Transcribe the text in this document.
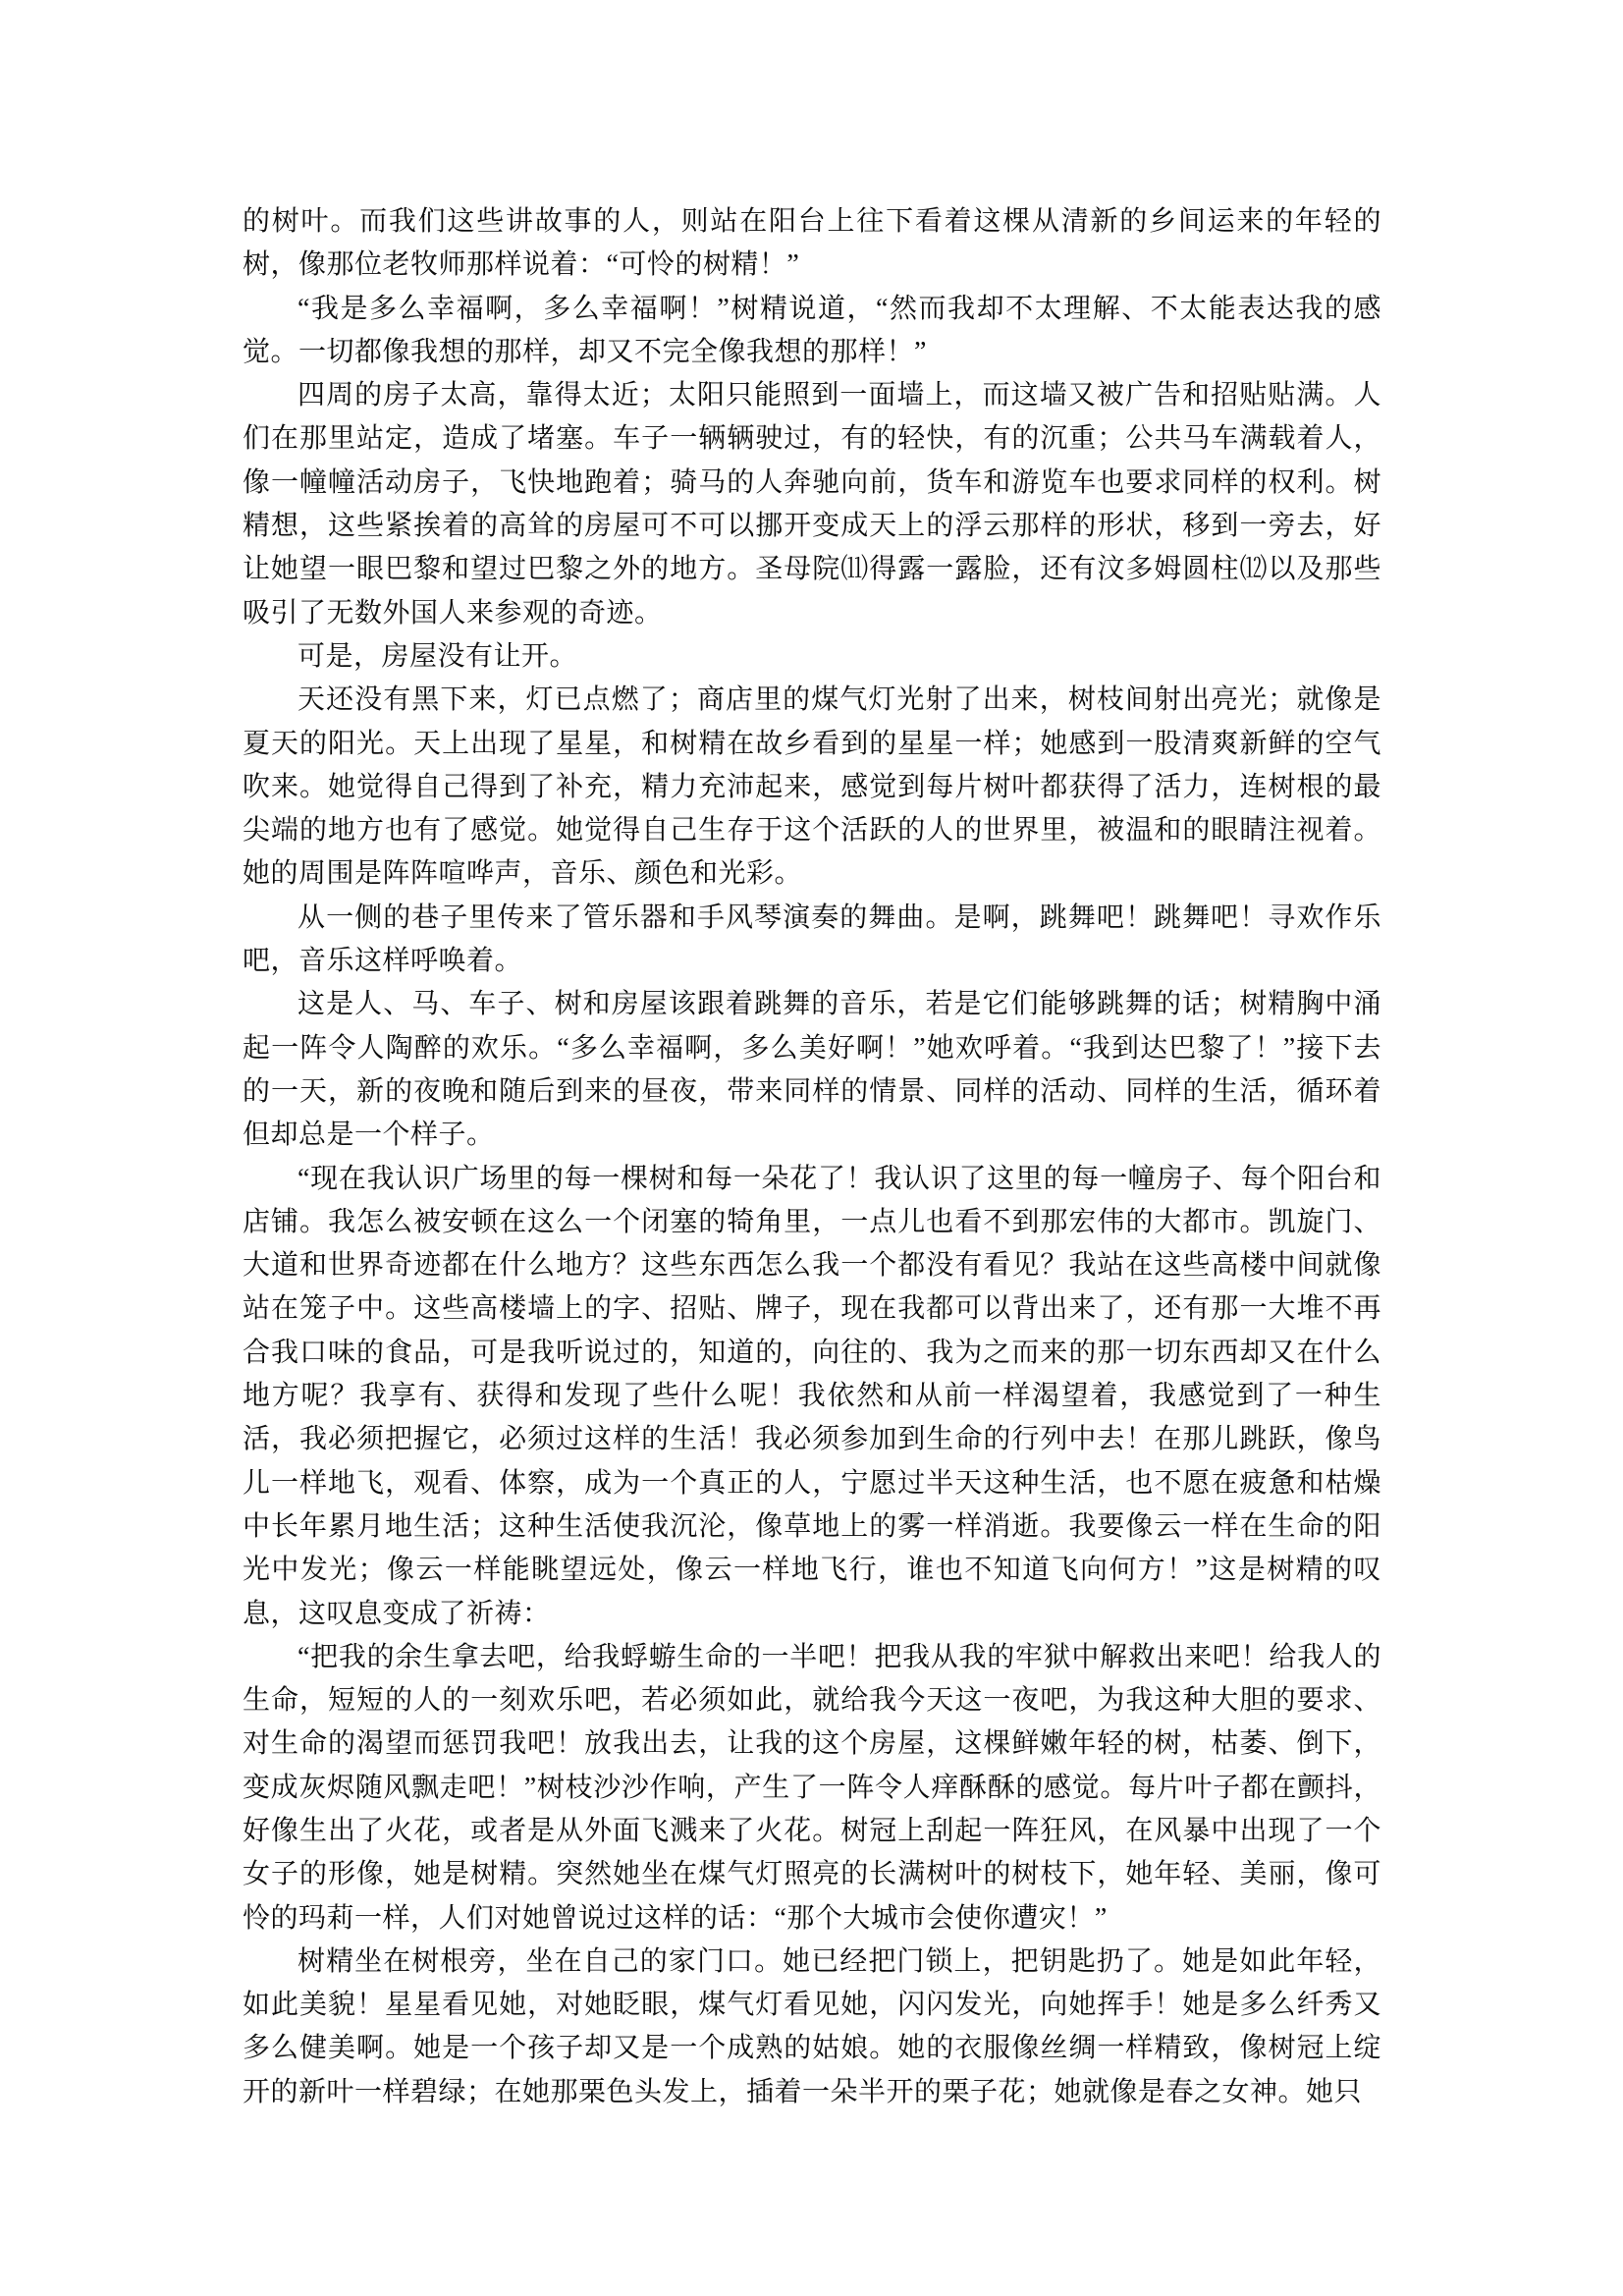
的树叶。而我们这些讲故事的人，则站在阳台上往下看着这棵从清新的乡间运来的年轻的树，像那位老牧师那样说着：“可怜的树精！”

“我是多么幸福啊，多么幸福啊！”树精说道，“然而我却不太理解、不太能表达我的感觉。一切都像我想的那样，却又不完全像我想的那样！”

四周的房子太高，靠得太近；太阳只能照到一面墙上，而这墙又被广告和招贴贴满。人们在那里站定，造成了堵塞。车子一辆辆驶过，有的轻快，有的沉重；公共马车满载着人，像一幢幢活动房子，飞快地跑着；骑马的人奔驰向前，货车和游览车也要求同样的权利。树精想，这些紧挨着的高耸的房屋可不可以挪开变成天上的浮云那样的形状，移到一旁去，好让她望一眼巴黎和望过巴黎之外的地方。圣母院⑾得露一露脸，还有汶多姆圆柱⑿以及那些吸引了无数外国人来参观的奇迹。

可是，房屋没有让开。

天还没有黑下来，灯已点燃了；商店里的煤气灯光射了出来，树枝间射出亮光；就像是夏天的阳光。天上出现了星星，和树精在故乡看到的星星一样；她感到一股清爽新鲜的空气吹来。她觉得自己得到了补充，精力充沛起来，感觉到每片树叶都获得了活力，连树根的最尖端的地方也有了感觉。她觉得自己生存于这个活跃的人的世界里，被温和的眼睛注视着。她的周围是阵阵喧哗声，音乐、颜色和光彩。

从一侧的巷子里传来了管乐器和手风琴演奏的舞曲。是啊，跳舞吧！跳舞吧！寻欢作乐吧，音乐这样呼唤着。

这是人、马、车子、树和房屋该跟着跳舞的音乐，若是它们能够跳舞的话；树精胸中涌起一阵令人陶醉的欢乐。“多么幸福啊，多么美好啊！”她欢呼着。“我到达巴黎了！”接下去的一天，新的夜晚和随后到来的昼夜，带来同样的情景、同样的活动、同样的生活，循环着但却总是一个样子。

“现在我认识广场里的每一棵树和每一朵花了！我认识了这里的每一幢房子、每个阳台和店铺。我怎么被安顿在这么一个闭塞的犄角里，一点儿也看不到那宏伟的大都市。凯旋门、大道和世界奇迹都在什么地方？这些东西怎么我一个都没有看见？我站在这些高楼中间就像站在笼子中。这些高楼墙上的字、招贴、牌子，现在我都可以背出来了，还有那一大堆不再合我口味的食品，可是我听说过的，知道的，向往的、我为之而来的那一切东西却又在什么地方呢？我享有、获得和发现了些什么呢！我依然和从前一样渴望着，我感觉到了一种生活，我必须把握它，必须过这样的生活！我必须参加到生命的行列中去！在那儿跳跃，像鸟儿一样地飞，观看、体察，成为一个真正的人，宁愿过半天这种生活，也不愿在疲惫和枯燥中长年累月地生活；这种生活使我沉沦，像草地上的雾一样消逝。我要像云一样在生命的阳光中发光；像云一样能眺望远处，像云一样地飞行，谁也不知道飞向何方！”这是树精的叹息，这叹息变成了祈祷：

“把我的余生拿去吧，给我蜉蝣生命的一半吧！把我从我的牢狱中解救出来吧！给我人的生命，短短的人的一刻欢乐吧，若必须如此，就给我今天这一夜吧，为我这种大胆的要求、对生命的渴望而惩罚我吧！放我出去，让我的这个房屋，这棵鲜嫩年轻的树，枯萎、倒下，变成灰烬随风飘走吧！”树枝沙沙作响，产生了一阵令人痒酥酥的感觉。每片叶子都在颤抖，好像生出了火花，或者是从外面飞溅来了火花。树冠上刮起一阵狂风，在风暴中出现了一个女子的形像，她是树精。突然她坐在煤气灯照亮的长满树叶的树枝下，她年轻、美丽，像可怜的玛莉一样，人们对她曾说过这样的话：“那个大城市会使你遭灾！”

树精坐在树根旁，坐在自己的家门口。她已经把门锁上，把钥匙扔了。她是如此年轻，如此美貌！星星看见她，对她眨眼，煤气灯看见她，闪闪发光，向她挥手！她是多么纤秀又多么健美啊。她是一个孩子却又是一个成熟的姑娘。她的衣服像丝绸一样精致，像树冠上绽开的新叶一样碧绿；在她那栗色头发上，插着一朵半开的栗子花；她就像是春之女神。她只
